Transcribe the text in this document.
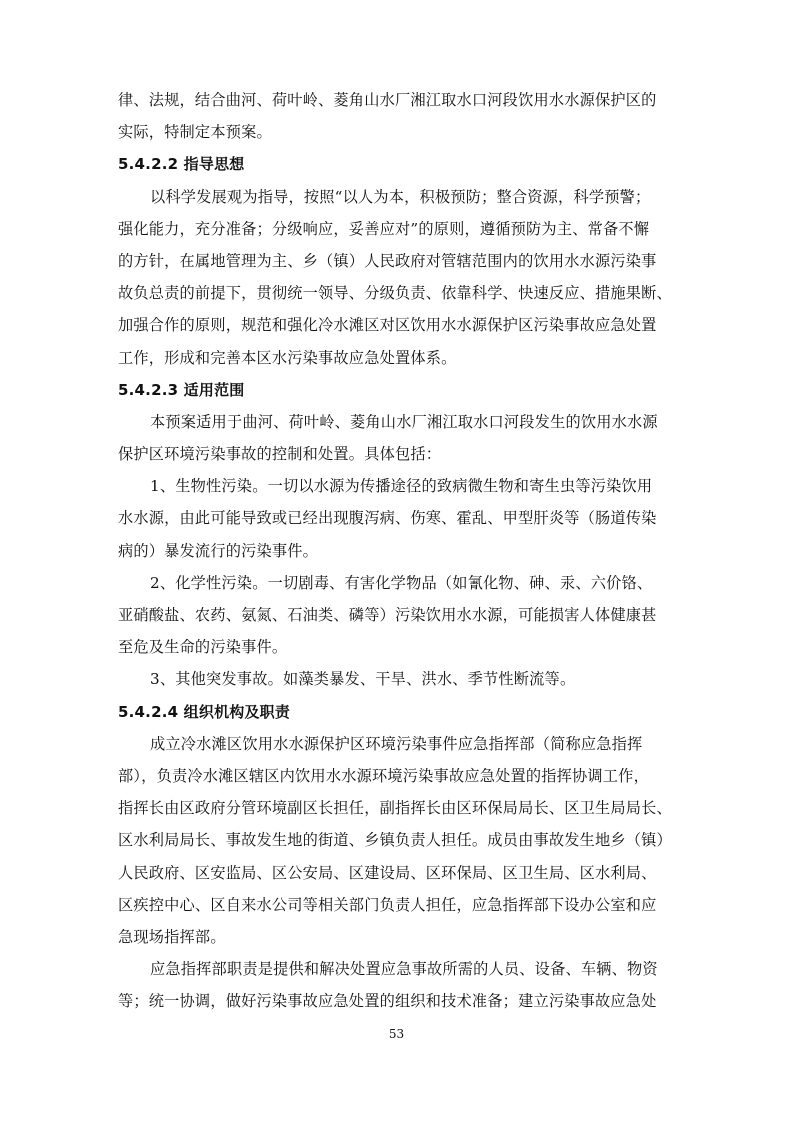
律、法规，结合曲河、荷叶岭、菱角山水厂湘江取水口河段饮用水水源保护区的
实际，特制定本预案。
5.4.2.2 指导思想
以科学发展观为指导，按照“以人为本，积极预防；整合资源，科学预警；
强化能力，充分准备；分级响应，妥善应对”的原则，遵循预防为主、常备不懈
的方针，在属地管理为主、乡（镇）人民政府对管辖范围内的饮用水水源污染事
故负总责的前提下，贯彻统一领导、分级负责、依靠科学、快速反应、措施果断、
加强合作的原则，规范和强化冷水滩区对区饮用水水源保护区污染事故应急处置
工作，形成和完善本区水污染事故应急处置体系。
5.4.2.3 适用范围
本预案适用于曲河、荷叶岭、菱角山水厂湘江取水口河段发生的饮用水水源
保护区环境污染事故的控制和处置。具体包括：
1、生物性污染。一切以水源为传播途径的致病微生物和寄生虫等污染饮用
水水源，由此可能导致或已经出现腹泻病、伤寒、霍乱、甲型肝炎等（肠道传染
病的）暴发流行的污染事件。
2、化学性污染。一切剧毒、有害化学物品（如氰化物、砷、汞、六价铬、
亚硝酸盐、农药、氨氮、石油类、磷等）污染饮用水水源，可能损害人体健康甚
至危及生命的污染事件。
3、其他突发事故。如藻类暴发、干旱、洪水、季节性断流等。
5.4.2.4 组织机构及职责
成立冷水滩区饮用水水源保护区环境污染事件应急指挥部（简称应急指挥
部），负责冷水滩区辖区内饮用水水源环境污染事故应急处置的指挥协调工作，
指挥长由区政府分管环境副区长担任，副指挥长由区环保局局长、区卫生局局长、
区水利局局长、事故发生地的街道、乡镇负责人担任。成员由事故发生地乡（镇）
人民政府、区安监局、区公安局、区建设局、区环保局、区卫生局、区水利局、
区疾控中心、区自来水公司等相关部门负责人担任，应急指挥部下设办公室和应
急现场指挥部。
应急指挥部职责是提供和解决处置应急事故所需的人员、设备、车辆、物资
等；统一协调，做好污染事故应急处置的组织和技术准备；建立污染事故应急处
53
